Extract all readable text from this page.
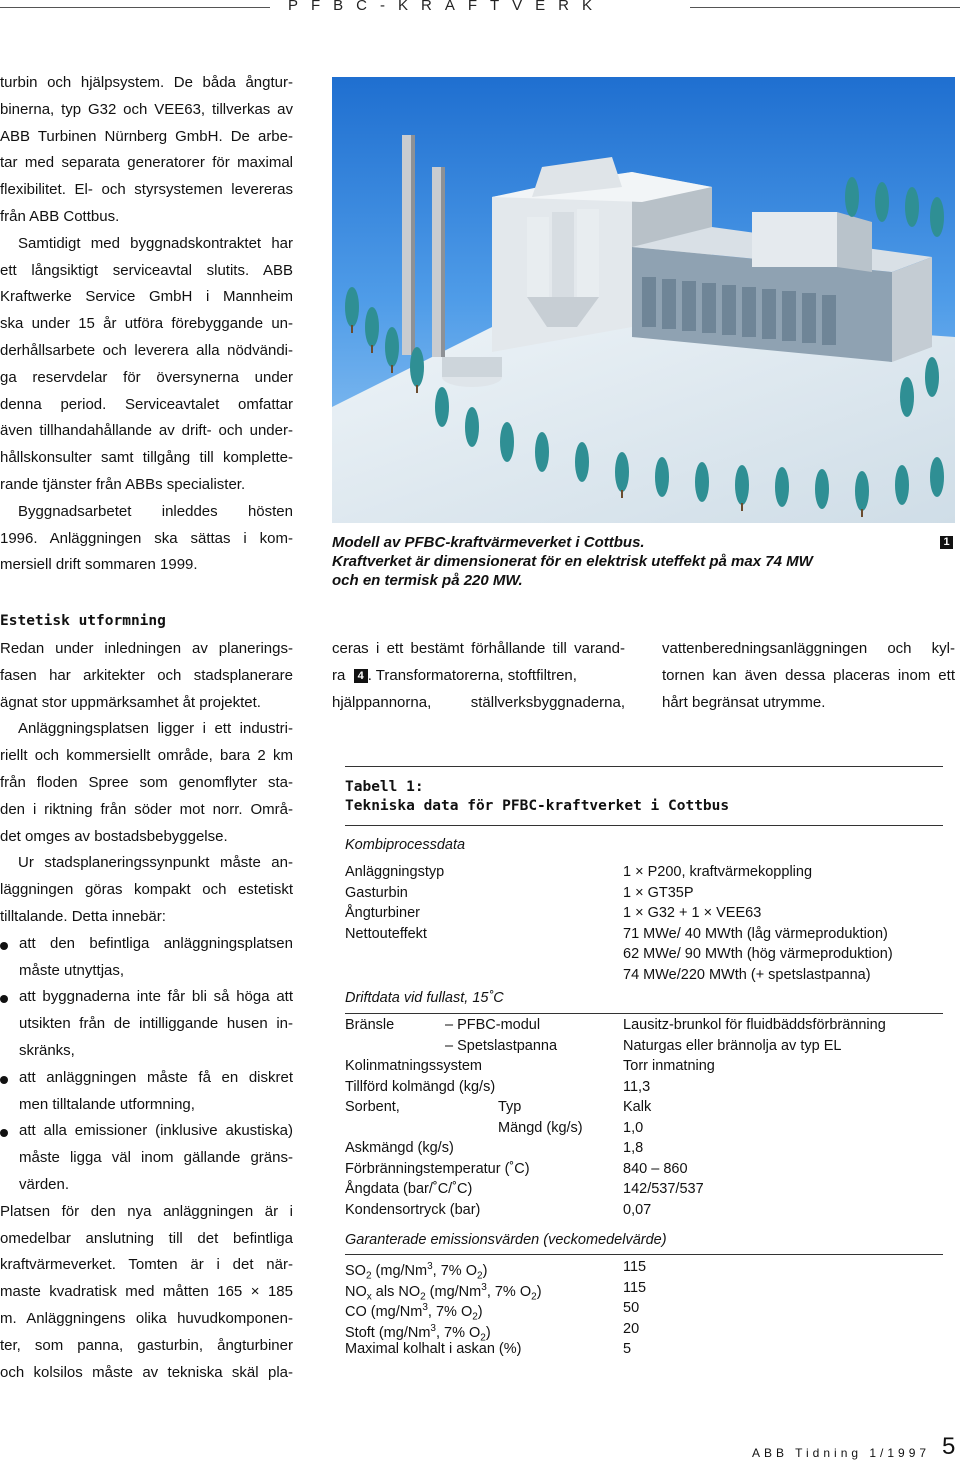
PFBC-KRAFTVERK
turbin och hjälpsystem. De båda ångtur-
binerna, typ G32 och VEE63, tillverkas av
ABB Turbinen Nürnberg GmbH. De arbe-
tar med separata generatorer för maximal
flexibilitet. El- och styrsystemen levereras
från ABB Cottbus.
Samtidigt med byggnadskontraktet har
ett långsiktigt serviceavtal slutits. ABB
Kraftwerke Service GmbH i Mannheim
ska under 15 år utföra förebyggande un-
derhållsarbete och leverera alla nödvändi-
ga reservdelar för översynerna under
denna period. Serviceavtalet omfattar
även tillhandahållande av drift- och under-
hållskonsulter samt tillgång till komplette-
rande tjänster från ABBs specialister.
Byggnadsarbetet inleddes hösten
1996. Anläggningen ska sättas i kom-
mersiell drift sommaren 1999.
Modell av PFBC-kraftvärmeverket i Cottbus.
Kraftverket är dimensionerat för en elektrisk uteffekt på max 74 MW
och en termisk på 220 MW.
1
Estetisk utformning
Redan under inledningen av planerings-
fasen har arkitekter och stadsplanerare
ägnat stor uppmärksamhet åt projektet.
Anläggningsplatsen ligger i ett industri-
riellt och kommersiellt område, bara 2 km
från floden Spree som genomflyter sta-
den i riktning från söder mot norr. Områ-
det omges av bostadsbebyggelse.
Ur stadsplaneringssynpunkt måste an-
läggningen göras kompakt och estetiskt
tilltalande. Detta innebär:
att den befintliga anläggningsplatsen
måste utnyttjas,
att byggnaderna inte får bli så höga att
utsikten från de intilliggande husen in-
skränks,
att anläggningen måste få en diskret
men tilltalande utformning,
att alla emissioner (inklusive akustiska)
måste ligga väl inom gällande gräns-
värden.
Platsen för den nya anläggningen är i
omedelbar anslutning till det befintliga
kraftvärmeverket. Tomten är i det när-
maste kvadratisk med måtten 165 × 185
m. Anläggningens olika huvudkomponen-
ter, som panna, gasturbin, ångturbiner
och kolsilos måste av tekniska skäl pla-
ceras i ett bestämt förhållande till varand-
ra 4 . Transformatorerna, stoftfiltren,
hjälppannorna, ställverksbyggnaderna,
vattenberedningsanläggningen och kyl-
tornen kan även dessa placeras inom ett
hårt begränsat utrymme.
Tabell 1:
Tekniska data för PFBC-kraftverket i Cottbus
Kombiprocessdata
Anläggningstyp	1 × P200, kraftvärmekoppling
Gasturbin	1 × GT35P
Ångturbiner	1 × G32 + 1 × VEE63
Nettouteffekt	71 MWe/ 40 MWth (låg värmeproduktion)
62 MWe/ 90 MWth (hög värmeproduktion)
74 MWe/220 MWth (+ spetslastpanna)
Driftdata vid fullast, 15˚C
Bränsle	– PFBC-modul	Lausitz-brunkol för fluidbäddsförbränning
– Spetslastpanna	Naturgas eller brännolja av typ EL
Kolinmatningssystem	Torr inmatning
Tillförd kolmängd (kg/s)	11,3
Sorbent,	Typ	Kalk
Mängd (kg/s)	1,0
Askmängd (kg/s)	1,8
Förbränningstemperatur (˚C)	840 – 860
Ångdata (bar/˚C/˚C)	142/537/537
Kondensortryck (bar)	0,07
Garanterade emissionsvärden (veckomedelvärde)
$SO_2$ (mg/Nm$^3$, 7% $O_2$)	115
$NO_x$ als $NO_2$ (mg/Nm$^3$, 7% $O_2$)	115
CO (mg/Nm$^3$, 7% $O_2$)	50
Stoft (mg/Nm$^3$, 7% $O_2$)	20
Maximal kolhalt i askan (%)	5
ABB Tidning 1/1997 5
